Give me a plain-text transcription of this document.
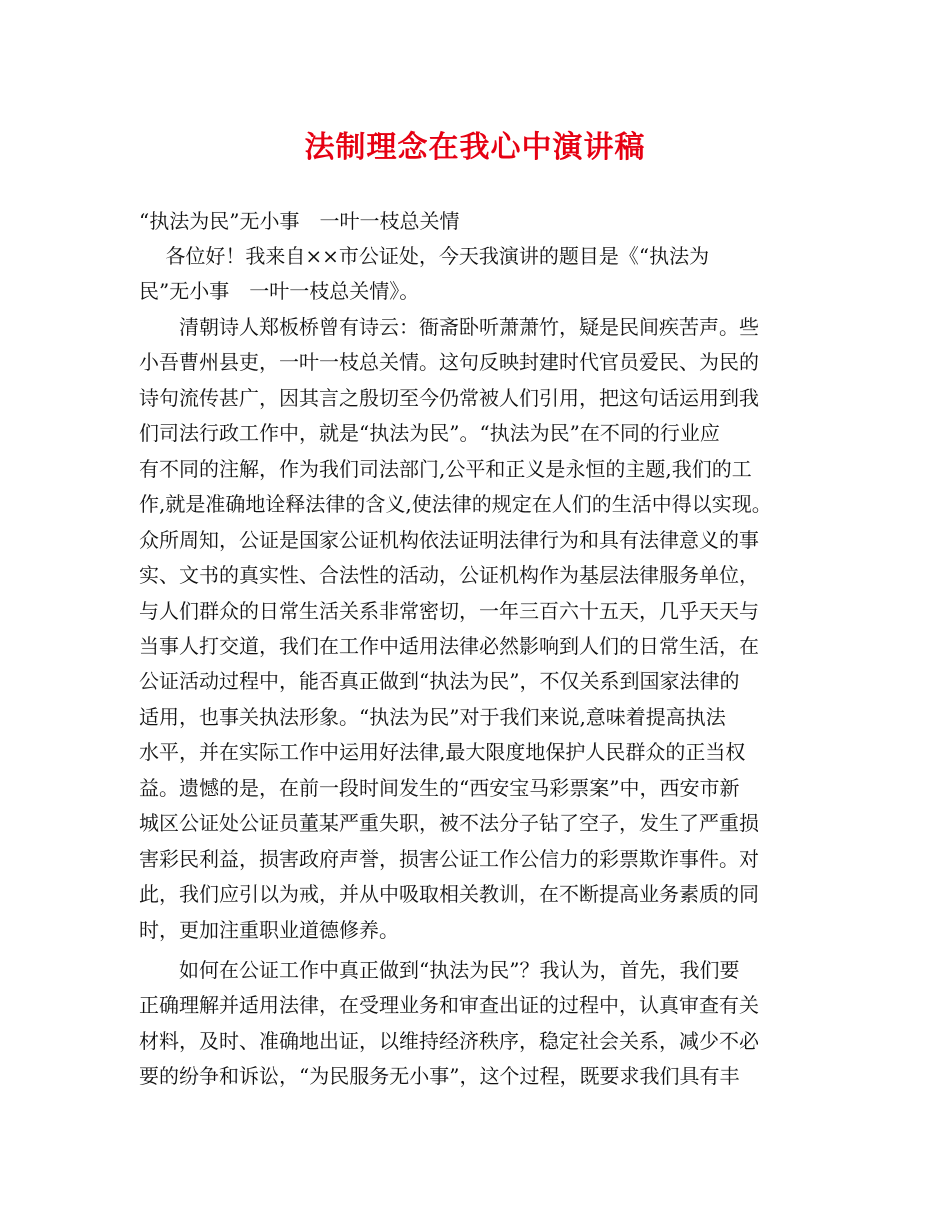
法制理念在我心中演讲稿
“执法为民”无小事　一叶一枝总关情
　 各位好！我来自××市公证处，今天我演讲的题目是《“执法为
民”无小事　一叶一枝总关情》。
　　清朝诗人郑板桥曾有诗云：衙斋卧听萧萧竹，疑是民间疾苦声。些
小吾曹州县吏，一叶一枝总关情。这句反映封建时代官员爱民、为民的
诗句流传甚广，因其言之殷切至今仍常被人们引用，把这句话运用到我
们司法行政工作中，就是“执法为民”。“执法为民”在不同的行业应
有不同的注解，作为我们司法部门,公平和正义是永恒的主题,我们的工
作,就是准确地诠释法律的含义,使法律的规定在人们的生活中得以实现。
众所周知，公证是国家公证机构依法证明法律行为和具有法律意义的事
实、文书的真实性、合法性的活动，公证机构作为基层法律服务单位，
与人们群众的日常生活关系非常密切，一年三百六十五天，几乎天天与
当事人打交道，我们在工作中适用法律必然影响到人们的日常生活，在
公证活动过程中，能否真正做到“执法为民”，不仅关系到国家法律的
适用，也事关执法形象。“执法为民”对于我们来说,意味着提高执法
水平，并在实际工作中运用好法律,最大限度地保护人民群众的正当权
益。遗憾的是，在前一段时间发生的“西安宝马彩票案”中，西安市新
城区公证处公证员董某严重失职，被不法分子钻了空子，发生了严重损
害彩民利益，损害政府声誉，损害公证工作公信力的彩票欺诈事件。对
此，我们应引以为戒，并从中吸取相关教训，在不断提高业务素质的同
时，更加注重职业道德修养。
　　如何在公证工作中真正做到“执法为民”？我认为，首先，我们要
正确理解并适用法律，在受理业务和审查出证的过程中，认真审查有关
材料，及时、准确地出证，以维持经济秩序，稳定社会关系，减少不必
要的纷争和诉讼，“为民服务无小事”，这个过程，既要求我们具有丰
